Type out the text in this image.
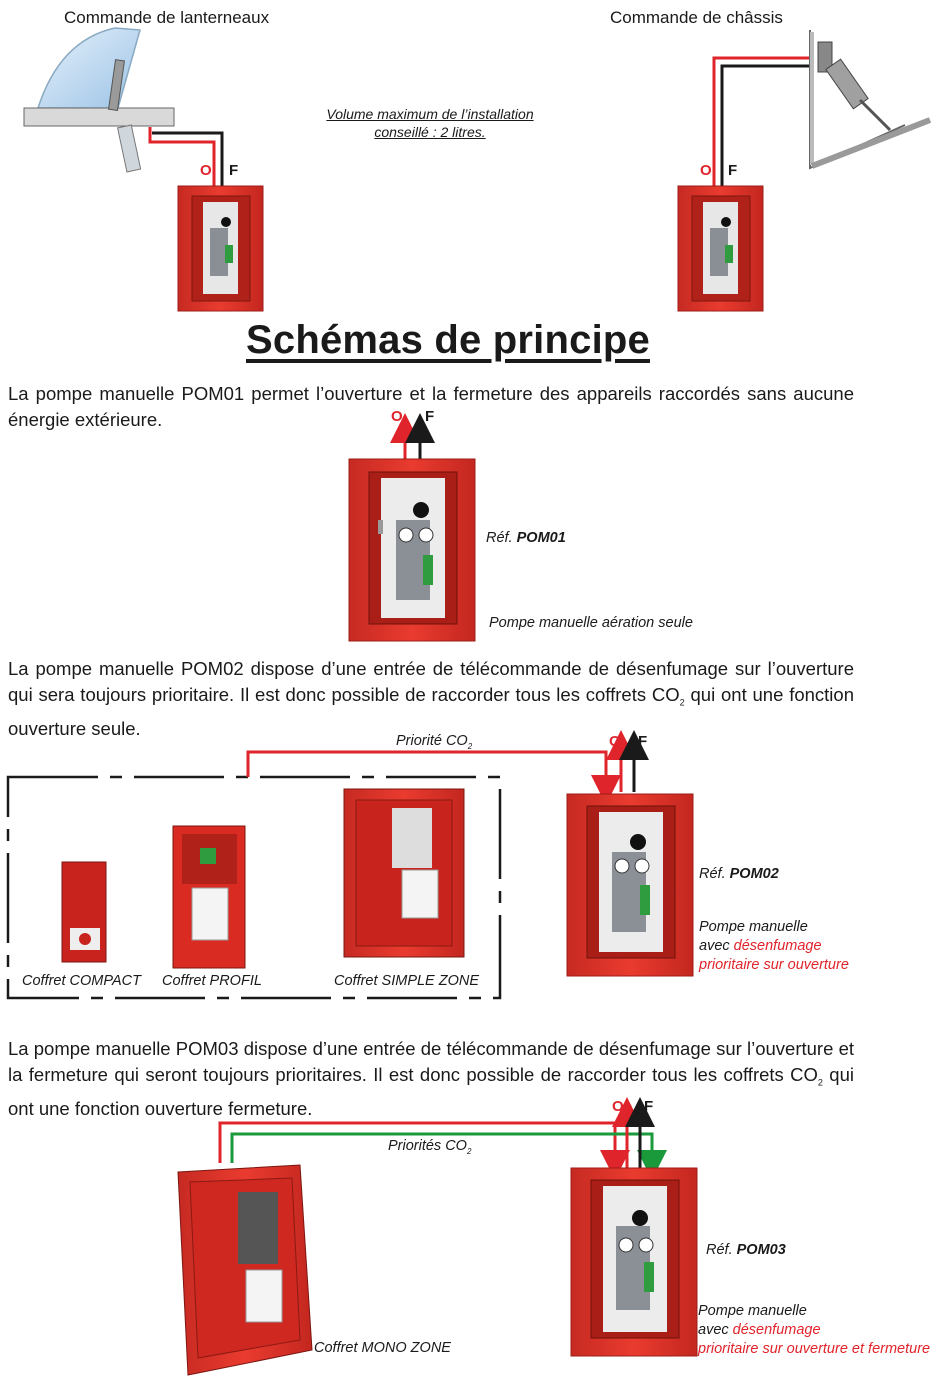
Commande de lanterneaux	Commande de châssis
Volume maximum de l’installation
conseillé : 2 litres.
O F	O F
Schémas de principe
La pompe manuelle POM01 permet l’ouverture et la fermeture des appareils raccordés sans aucune énergie extérieure.	O F
Réf. POM01
Pompe manuelle aération seule
La pompe manuelle POM02 dispose d’une entrée de télécommande de désenfumage sur l’ouverture qui sera toujours prioritaire. Il est donc possible de raccorder tous les coffrets $CO_2$ qui ont une fonction ouverture seule.
Priorité $CO_2$	O F
Réf. POM02
Pompe manuelle
avec désenfumage
prioritaire sur ouverture
Coffret COMPACT Coffret PROFIL	Coffret SIMPLE ZONE
La pompe manuelle POM03 dispose d’une entrée de télécommande de désenfumage sur l’ouverture et la fermeture qui seront toujours prioritaires. Il est donc possible de raccorder tous les coffrets $CO_2$ qui ont une fonction ouverture fermeture.
Priorités $CO_2$
O F
Réf. POM03
Pompe manuelle
avec désenfumage
prioritaire sur ouverture et fermeture
Coffret MONO ZONE
